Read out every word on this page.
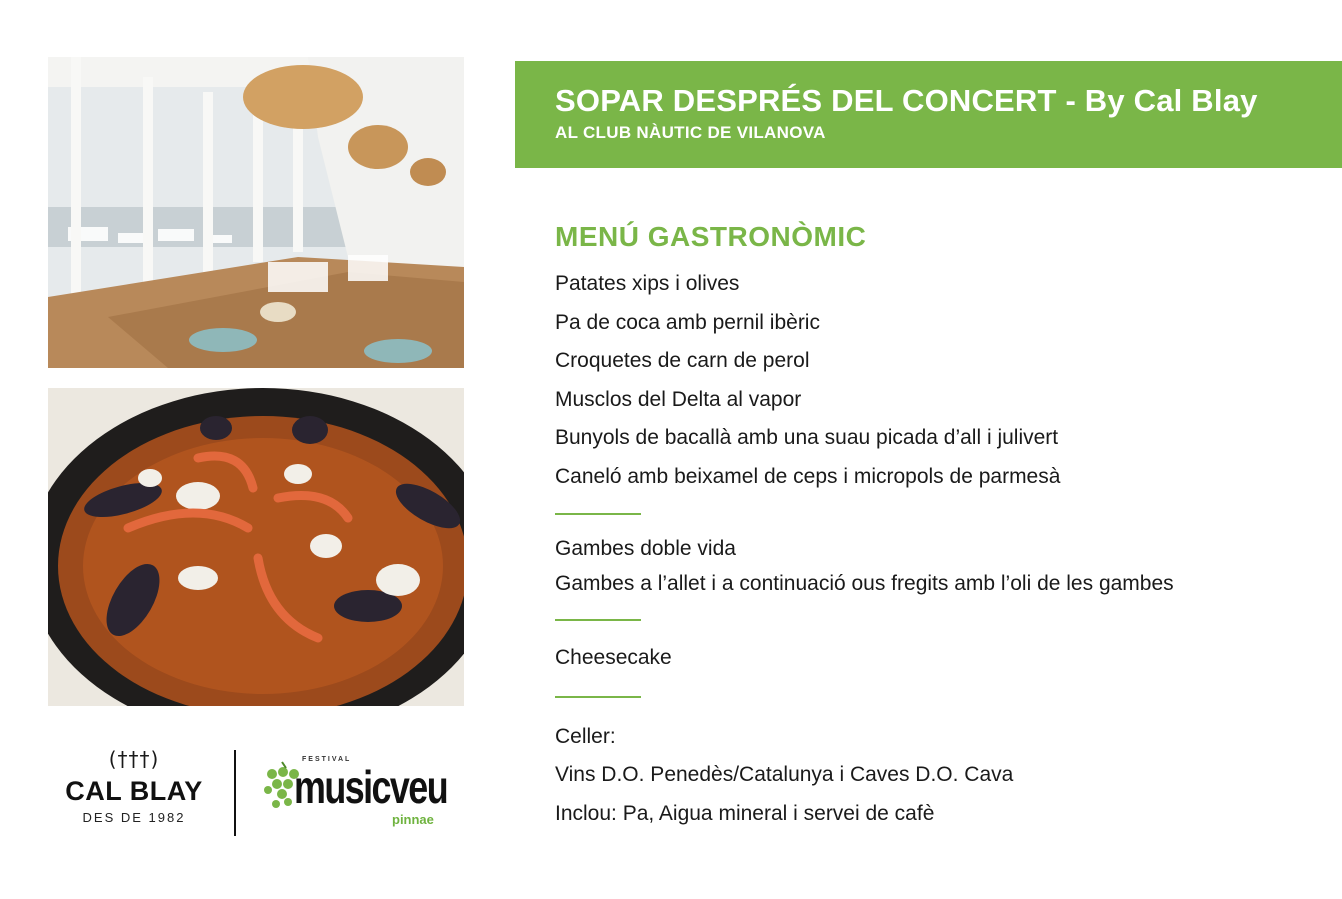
(†††)
CAL BLAY
DES DE 1982
FESTIVAL
musicveu
pinnae
SOPAR DESPRÉS DEL CONCERT - By Cal Blay
AL CLUB NÀUTIC DE VILANOVA
MENÚ GASTRONÒMIC
Patates xips i olives
Pa de coca amb pernil ibèric
Croquetes de carn de perol
Musclos del Delta al vapor
Bunyols de bacallà amb una suau picada d’all i julivert
Caneló amb beixamel de ceps i micropols de parmesà
Gambes doble vida
Gambes a l’allet i a continuació ous fregits amb l’oli de les gambes
Cheesecake
Celler:
Vins D.O. Penedès/Catalunya i Caves D.O. Cava
Inclou: Pa, Aigua mineral i servei de cafè
